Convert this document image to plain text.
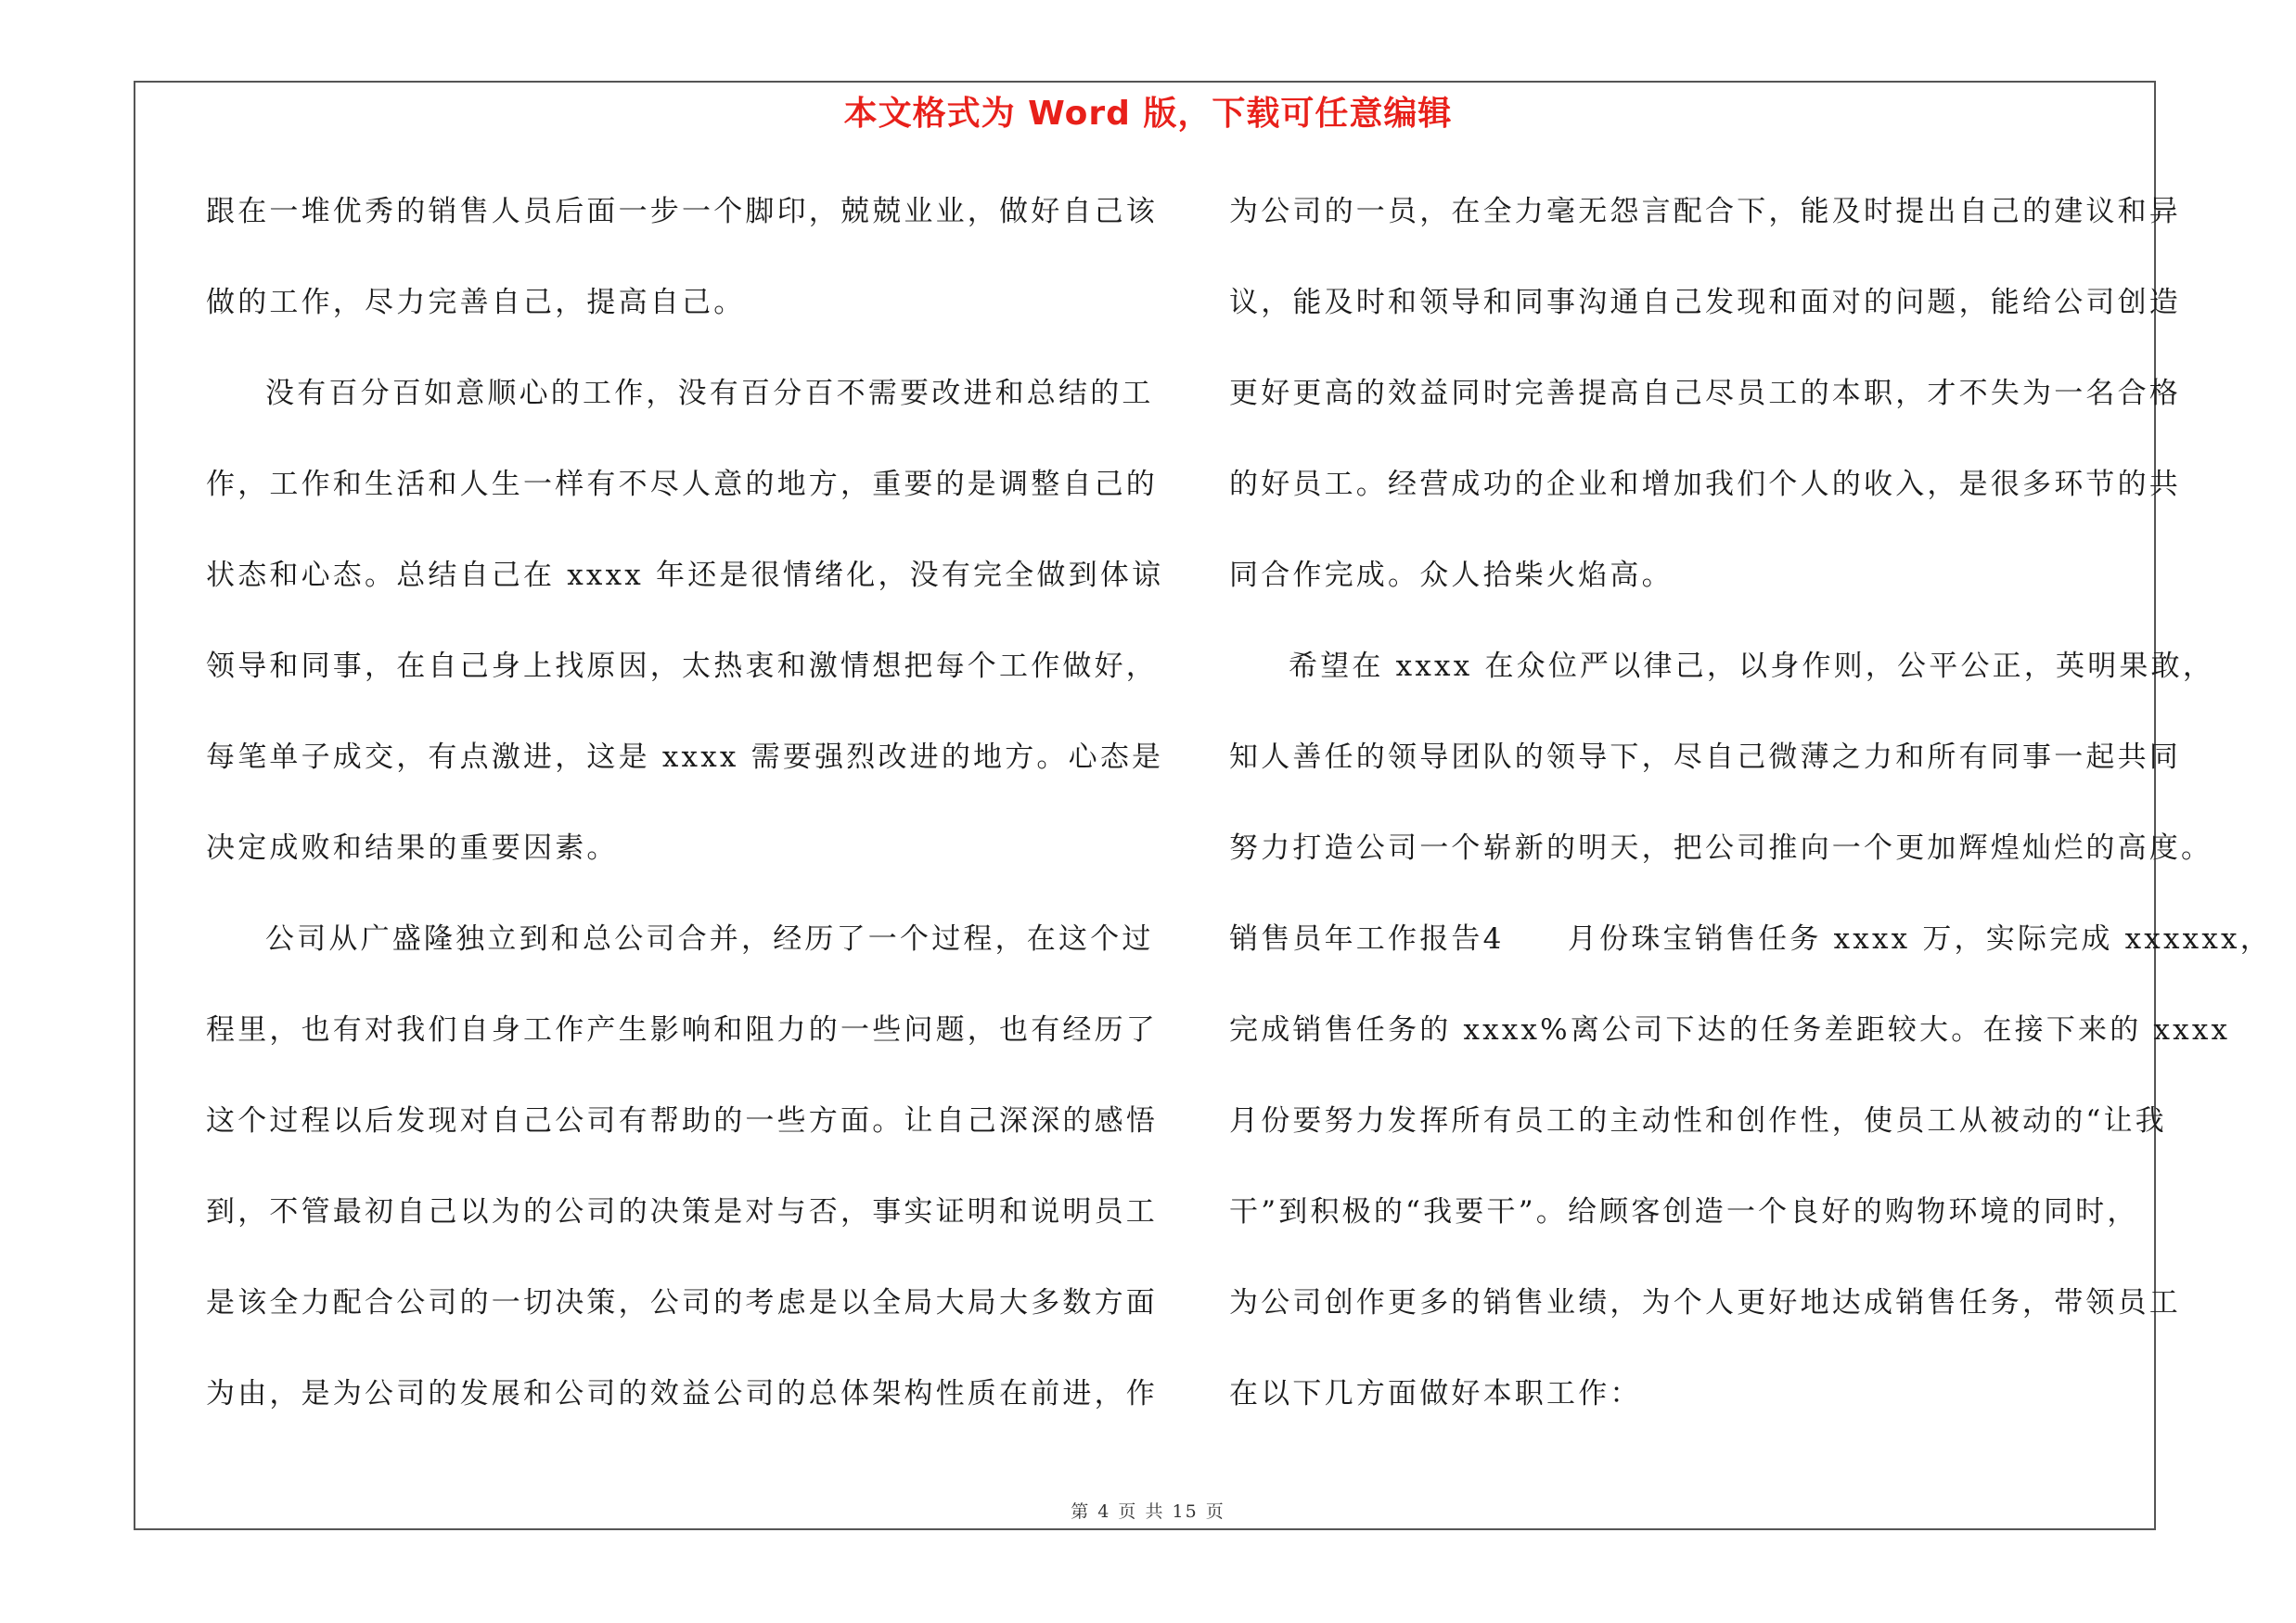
本文格式为 Word 版，下载可任意编辑
跟在一堆优秀的销售人员后面一步一个脚印，兢兢业业，做好自己该
做的工作，尽力完善自己，提高自己。
没有百分百如意顺心的工作，没有百分百不需要改进和总结的工
作，工作和生活和人生一样有不尽人意的地方，重要的是调整自己的
状态和心态。总结自己在 xxxx 年还是很情绪化，没有完全做到体谅
领导和同事，在自己身上找原因，太热衷和激情想把每个工作做好，
每笔单子成交，有点激进，这是 xxxx 需要强烈改进的地方。心态是
决定成败和结果的重要因素。
公司从广盛隆独立到和总公司合并，经历了一个过程，在这个过
程里，也有对我们自身工作产生影响和阻力的一些问题，也有经历了
这个过程以后发现对自己公司有帮助的一些方面。让自己深深的感悟
到，不管最初自己以为的公司的决策是对与否，事实证明和说明员工
是该全力配合公司的一切决策，公司的考虑是以全局大局大多数方面
为由，是为公司的发展和公司的效益公司的总体架构性质在前进，作
为公司的一员，在全力毫无怨言配合下，能及时提出自己的建议和异
议，能及时和领导和同事沟通自己发现和面对的问题，能给公司创造
更好更高的效益同时完善提高自己尽员工的本职，才不失为一名合格
的好员工。经营成功的企业和增加我们个人的收入，是很多环节的共
同合作完成。众人拾柴火焰高。
希望在 xxxx 在众位严以律己，以身作则，公平公正，英明果敢，
知人善任的领导团队的领导下，尽自己微薄之力和所有同事一起共同
努力打造公司一个崭新的明天，把公司推向一个更加辉煌灿烂的高度。
销售员年工作报告4　　月份珠宝销售任务 xxxx 万，实际完成 xxxxxx，
完成销售任务的 xxxx%离公司下达的任务差距较大。在接下来的 xxxx
月份要努力发挥所有员工的主动性和创作性，使员工从被动的“让我
干”到积极的“我要干”。给顾客创造一个良好的购物环境的同时，
为公司创作更多的销售业绩，为个人更好地达成销售任务，带领员工
在以下几方面做好本职工作：
第 4 页 共 15 页
